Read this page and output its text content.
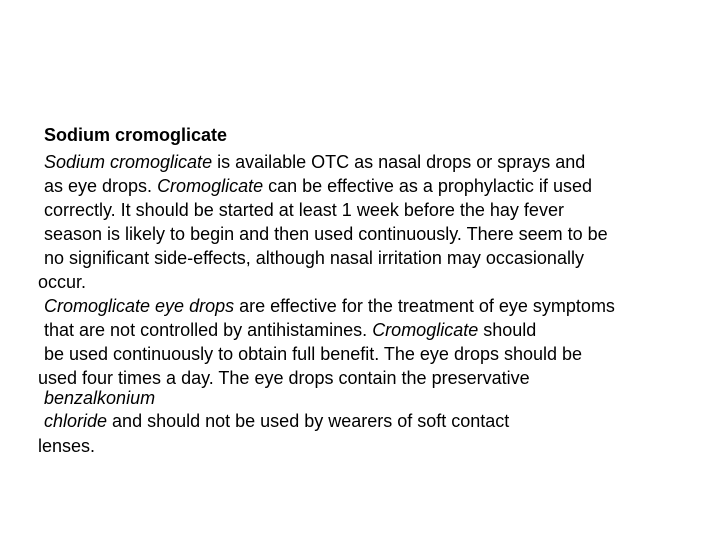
Sodium cromoglicate
Sodium cromoglicate is available OTC as nasal drops or sprays and
as eye drops. Cromoglicate can be effective as a prophylactic if used
correctly. It should be started at least 1 week before the hay fever
season is likely to begin and then used continuously. There seem to be
no significant side-effects, although nasal irritation may occasionally
occur.
Cromoglicate eye drops are effective for the treatment of eye symptoms
that are not controlled by antihistamines. Cromoglicate should
be used continuously to obtain full benefit. The eye drops should be
used four times a day. The eye drops contain the preservative
benzalkonium
chloride and should not be used by wearers of soft contact
lenses.
